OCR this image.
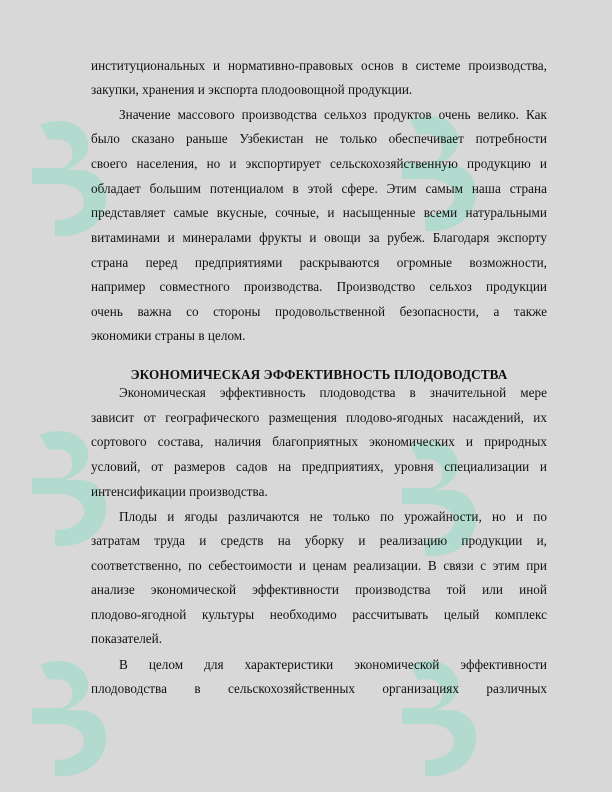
институциональных и нормативно-правовых основ в системе производства,
закупки, хранения и экспорта плодоовощной продукции.
Значение массового производства сельхоз продуктов очень велико. Как
было сказано раньше Узбекистан не только обеспечивает потребности
своего населения, но и экспортирует сельскохозяйственную продукцию и
обладает большим потенциалом в этой сфере. Этим самым наша страна
представляет самые вкусные, сочные, и насыщенные всеми натуральными
витаминами и минералами фрукты и овощи за рубеж. Благодаря экспорту
страна перед предприятиями раскрываются огромные возможности,
например совместного производства. Производство сельхоз продукции
очень важна со стороны продовольственной безопасности, а также
экономики страны в целом.
ЭКОНОМИЧЕСКАЯ ЭФФЕКТИВНОСТЬ ПЛОДОВОДСТВА
Экономическая эффективность плодоводства в значительной мере
зависит от географического размещения плодово-ягодных насаждений, их
сортового состава, наличия благоприятных экономических и природных
условий, от размеров садов на предприятиях, уровня специализации и
интенсификации производства.
Плоды и ягоды различаются не только по урожайности, но и по
затратам труда и средств на уборку и реализацию продукции и,
соответственно, по себестоимости и ценам реализации. В связи с этим при
анализе экономической эффективности производства той или иной
плодово-ягодной культуры необходимо рассчитывать целый комплекс
показателей.
В целом для характеристики экономической эффективности
плодоводства в сельскохозяйственных организациях различных
